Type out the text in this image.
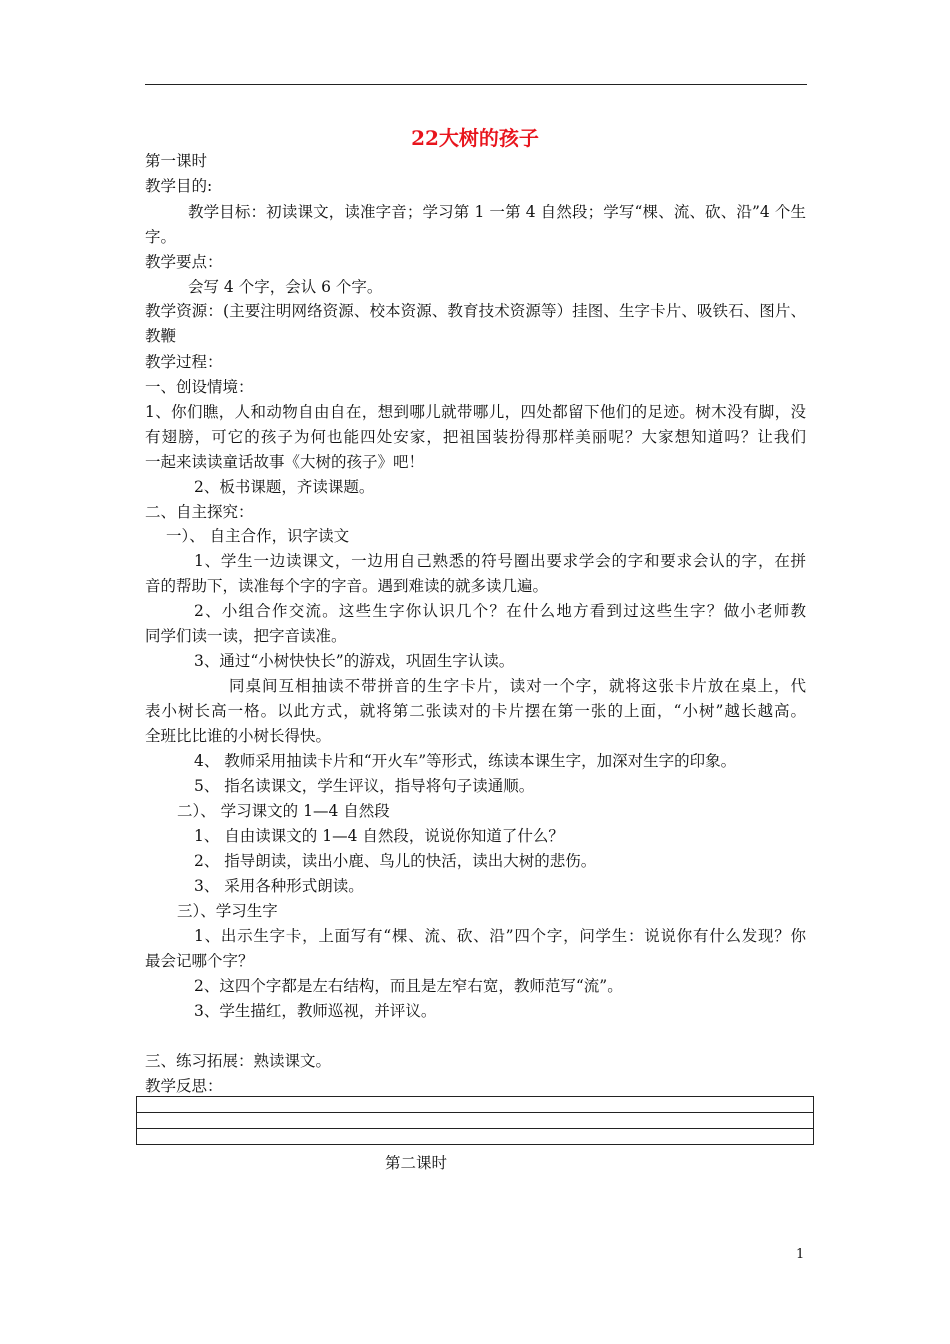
22大树的孩子
第一课时
教学目的:
教学目标：初读课文，读准字音；学习第 1 一第 4 自然段；学写“棵、流、砍、沿”4 个生
字。
教学要点：
会写 4 个字，会认 6 个字。
教学资源：(主要注明网络资源、校本资源、教育技术资源等）挂图、生字卡片、吸铁石、图片、
教鞭
教学过程：
一、创设情境：
1、你们瞧，人和动物自由自在，想到哪儿就带哪儿，四处都留下他们的足迹。树木没有脚，没
有翅膀，可它的孩子为何也能四处安家，把祖国装扮得那样美丽呢？大家想知道吗？让我们
一起来读读童话故事《大树的孩子》吧！
2、板书课题，齐读课题。
二、自主探究：
一）、 自主合作，识字读文
1、学生一边读课文，一边用自己熟悉的符号圈出要求学会的字和要求会认的字，在拼
音的帮助下，读准每个字的字音。遇到难读的就多读几遍。
2、小组合作交流。这些生字你认识几个？在什么地方看到过这些生字？做小老师教
同学们读一读，把字音读准。
3、通过“小树快快长”的游戏，巩固生字认读。
同桌间互相抽读不带拼音的生字卡片，读对一个字，就将这张卡片放在桌上，代
表小树长高一格。以此方式，就将第二张读对的卡片摆在第一张的上面，“小树”越长越高。
全班比比谁的小树长得快。
4、 教师采用抽读卡片和“开火车”等形式，练读本课生字，加深对生字的印象。
5、 指名读课文，学生评议，指导将句子读通顺。
二）、 学习课文的 1—4 自然段
1、 自由读课文的 1—4 自然段，说说你知道了什么？
2、 指导朗读，读出小鹿、鸟儿的快活，读出大树的悲伤。
3、 采用各种形式朗读。
三）、学习生字
1、出示生字卡，上面写有“棵、流、砍、沿”四个字，问学生：说说你有什么发现？你
最会记哪个字？
2、这四个字都是左右结构，而且是左窄右宽，教师范写“流”。
3、学生描红，教师巡视，并评议。
三、练习拓展：熟读课文。
教学反思：

第二课时
1
